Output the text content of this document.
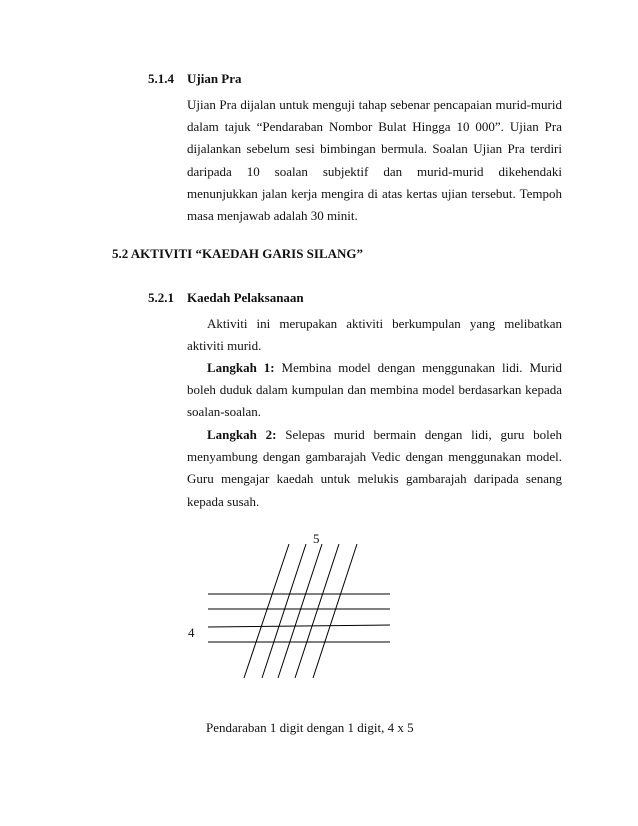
5.1.4 Ujian Pra

Ujian Pra dijalan untuk menguji tahap sebenar pencapaian murid-murid dalam tajuk “Pendaraban Nombor Bulat Hingga 10 000”. Ujian Pra dijalankan sebelum sesi bimbingan bermula. Soalan Ujian Pra terdiri daripada 10 soalan subjektif dan murid-murid dikehendaki menunjukkan jalan kerja mengira di atas kertas ujian tersebut. Tempoh masa menjawab adalah 30 minit.

5.2 AKTIVITI “KAEDAH GARIS SILANG”
5.2.1 Kaedah Pelaksanaan

Aktiviti ini merupakan aktiviti berkumpulan yang melibatkan aktiviti murid.

Langkah 1: Membina model dengan menggunakan lidi. Murid boleh duduk dalam kumpulan dan membina model berdasarkan kepada soalan-soalan.

Langkah 2: Selepas murid bermain dengan lidi, guru boleh menyambung dengan gambarajah Vedic dengan menggunakan model. Guru mengajar kaedah untuk melukis gambarajah daripada senang kepada susah.

5
4
Pendaraban 1 digit dengan 1 digit, 4 x 5
